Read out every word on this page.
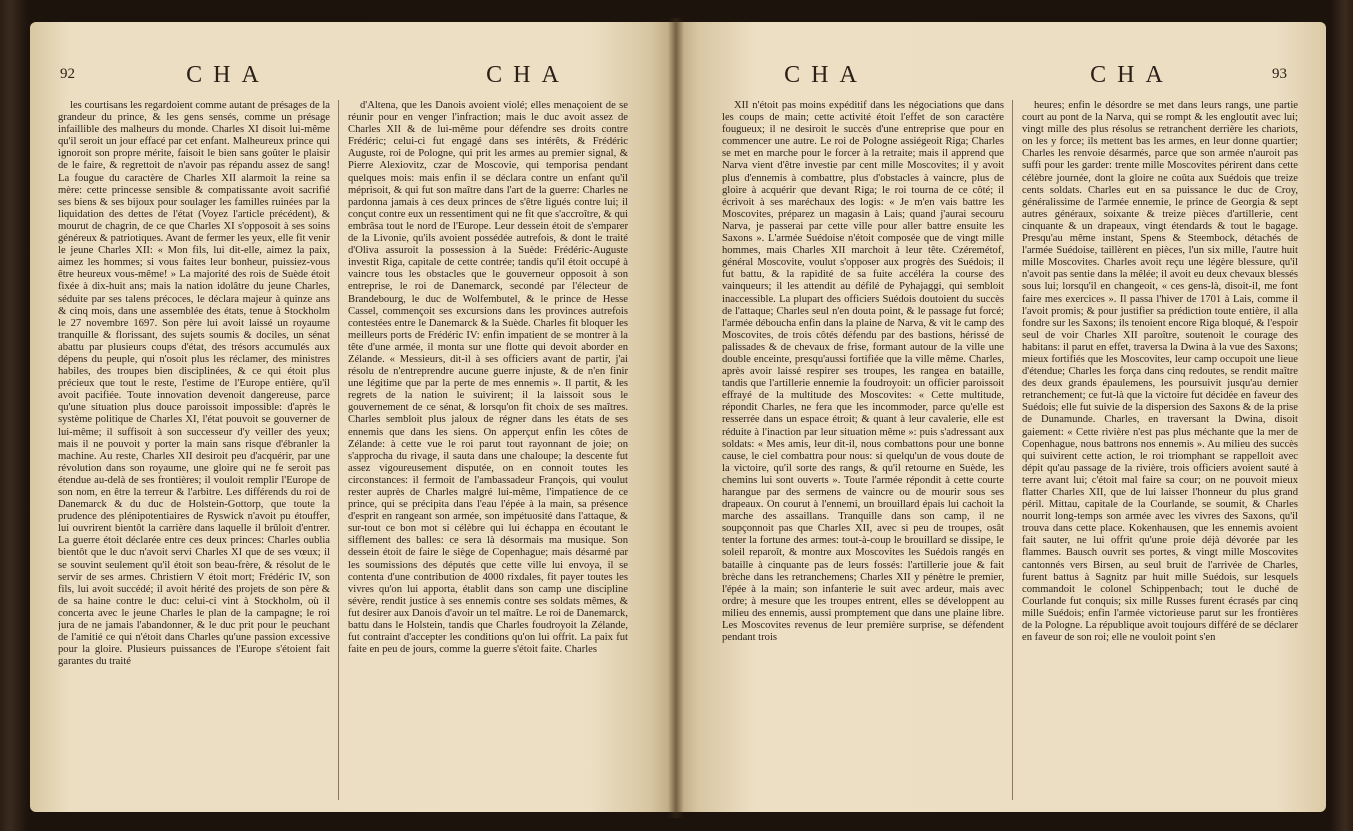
92	CHA	CHA

les courtisans les regardoient comme autant de présages de la grandeur du prince, & les gens sensés, comme un présage infaillible des malheurs du monde. Charles XI disoit lui-même qu'il seroit un jour effacé par cet enfant. Malheureux prince qui ignoroit son propre mérite, faisoit le bien sans goûter le plaisir de le faire, & regrettoit de n'avoir pas répandu assez de sang! La fougue du caractère de Charles XII alarmoit la reine sa mère: cette princesse sensible & compatissante avoit sacrifié ses biens & ses bijoux pour soulager les familles ruinées par la liquidation des dettes de l'état (Voyez l'article précédent), & mourut de chagrin, de ce que Charles XI s'opposoit à ses soins généreux & patriotiques. Avant de fermer les yeux, elle fit venir le jeune Charles XII: « Mon fils, lui dit-elle, aimez la paix, aimez les hommes; si vous faites leur bonheur, puissiez-vous être heureux vous-même! » La majorité des rois de Suède étoit fixée à dix-huit ans; mais la nation idolâtre du jeune Charles, séduite par ses talens précoces, le déclara majeur à quinze ans & cinq mois, dans une assemblée des états, tenue à Stockholm le 27 novembre 1697. Son père lui avoit laissé un royaume tranquille & florissant, des sujets soumis & dociles, un sénat abattu par plusieurs coups d'état, des trésors accumulés aux dépens du peuple, qui n'osoit plus les réclamer, des ministres habiles, des troupes bien disciplinées, & ce qui étoit plus précieux que tout le reste, l'estime de l'Europe entière, qu'il avoit pacifiée. Toute innovation devenoit dangereuse, parce qu'une situation plus douce paroissoit impossible: d'après le système politique de Charles XI, l'état pouvoit se gouverner de lui-même; il suffisoit à son successeur d'y veiller des yeux; mais il ne pouvoit y porter la main sans risque d'ébranler la machine. Au reste, Charles XII desiroit peu d'acquérir, par une révolution dans son royaume, une gloire qui ne fe seroit pas étendue au-delà de ses frontières; il vouloit remplir l'Europe de son nom, en être la terreur & l'arbitre. Les différends du roi de Danemarck & du duc de Holstein-Gottorp, que toute la prudence des plénipotentiaires de Ryswick n'avoit pu étouffer, lui ouvrirent bientôt la carrière dans laquelle il brûloit d'entrer. La guerre étoit déclarée entre ces deux princes: Charles oublia bientôt que le duc n'avoit servi Charles XI que de ses vœux; il se souvint seulement qu'il étoit son beau-frère, & résolut de le servir de ses armes. Christiern V étoit mort; Frédéric IV, son fils, lui avoit succédé; il avoit hérité des projets de son père & de sa haine contre le duc: celui-ci vint à Stockholm, où il concerta avec le jeune Charles le plan de la campagne; le roi jura de ne jamais l'abandonner, & le duc prit pour le peuchant de l'amitié ce qui n'étoit dans Charles qu'une passion excessive pour la gloire. Plusieurs puissances de l'Europe s'étoient fait garantes du traité

d'Altena, que les Danois avoient violé; elles menaçoient de se réunir pour en venger l'infraction; mais le duc avoit assez de Charles XII & de lui-même pour défendre ses droits contre Frédéric; celui-ci fut engagé dans ses intérêts, & Frédéric Auguste, roi de Pologne, qui prit les armes au premier signal, & Pierre Alexiovitz, czar de Moscovie, qui temporisa pendant quelques mois: mais enfin il se déclara contre un enfant qu'il méprisoit, & qui fut son maître dans l'art de la guerre: Charles ne pardonna jamais à ces deux princes de s'être ligués contre lui; il conçut contre eux un ressentiment qui ne fit que s'accroître, & qui embrâsa tout le nord de l'Europe. Leur dessein étoit de s'emparer de la Livonie, qu'ils avoient possédée autrefois, & dont le traité d'Oliva assuroit la possession à la Suède: Frédéric-Auguste investit Riga, capitale de cette contrée; tandis qu'il étoit occupé à vaincre tous les obstacles que le gouverneur opposoit à son entreprise, le roi de Danemarck, secondé par l'électeur de Brandebourg, le duc de Wolfembutel, & le prince de Hesse Cassel, commençoit ses excursions dans les provinces autrefois contestées entre le Danemarck & la Suède. Charles fit bloquer les meilleurs ports de Frédéric IV: enfin impatient de se montrer à la tête d'une armée, il monta sur une flotte qui devoit aborder en Zélande. « Messieurs, dit-il à ses officiers avant de partir, j'ai résolu de n'entreprendre aucune guerre injuste, & de n'en finir une légitime que par la perte de mes ennemis ». Il partit, & les regrets de la nation le suivirent; il la laissoit sous le gouvernement de ce sénat, & lorsqu'on fit choix de ses maîtres. Charles sembloit plus jaloux de régner dans les états de ses ennemis que dans les siens. On apperçut enfin les côtes de Zélande: à cette vue le roi parut tout rayonnant de joie; on s'approcha du rivage, il sauta dans une chaloupe; la descente fut assez vigoureusement disputée, on en connoit toutes les circonstances: il fermoit de l'ambassadeur François, qui voulut rester auprès de Charles malgré lui-même, l'impatience de ce prince, qui se précipita dans l'eau l'épée à la main, sa présence d'esprit en rangeant son armée, son impétuosité dans l'attaque, & sur-tout ce bon mot si célèbre qui lui échappa en écoutant le sifflement des balles: ce sera là désormais ma musique. Son dessein étoit de faire le siège de Copenhague; mais désarmé par les soumissions des députés que cette ville lui envoya, il se contenta d'une contribution de 4000 rixdales, fit payer toutes les vivres qu'on lui apporta, établit dans son camp une discipline sévère, rendit justice à ses ennemis contre ses soldats mêmes, & fut desirer aux Danois d'avoir un tel maître. Le roi de Danemarck, battu dans le Holstein, tandis que Charles foudroyoit la Zélande, fut contraint d'accepter les conditions qu'on lui offrit. La paix fut faite en peu de jours, comme la guerre s'étoit faite. Charles

CHA	CHA	93

XII n'étoit pas moins expéditif dans les négociations que dans les coups de main; cette activité étoit l'effet de son caractère fougueux; il ne desiroit le succès d'une entreprise que pour en commencer une autre. Le roi de Pologne assiégeoit Riga; Charles se met en marche pour le forcer à la retraite; mais il apprend que Narva vient d'être investie par cent mille Moscovites; il y avoit plus d'ennemis à combattre, plus d'obstacles à vaincre, plus de gloire à acquérir que devant Riga; le roi tourna de ce côté; il écrivoit à ses maréchaux des logis: « Je m'en vais battre les Moscovites, préparez un magasin à Lais; quand j'aurai secouru Narva, je passerai par cette ville pour aller battre ensuite les Saxons ». L'armée Suédoise n'étoit composée que de vingt mille hommes, mais Charles XII marchoit à leur tête. Czéremétof, général Moscovite, voulut s'opposer aux progrès des Suédois; il fut battu, & la rapidité de sa fuite accéléra la course des vainqueurs; il les attendit au défilé de Pyhajaggi, qui sembloit inaccessible. La plupart des officiers Suédois doutoient du succès de l'attaque; Charles seul n'en douta point, & le passage fut forcé; l'armée déboucha enfin dans la plaine de Narva, & vit le camp des Moscovites, de trois côtés défendu par des bastions, hérissé de palissades & de chevaux de frise, formant autour de la ville une double enceinte, presqu'aussi fortifiée que la ville même. Charles, après avoir laissé respirer ses troupes, les rangea en bataille, tandis que l'artillerie ennemie la foudroyoit: un officier paroissoit effrayé de la multitude des Moscovites: « Cette multitude, répondit Charles, ne fera que les incommoder, parce qu'elle est resserrée dans un espace étroit; & quant à leur cavalerie, elle est réduite à l'inaction par leur situation même »: puis s'adressant aux soldats: « Mes amis, leur dit-il, nous combattons pour une bonne cause, le ciel combattra pour nous: si quelqu'un de vous doute de la victoire, qu'il sorte des rangs, & qu'il retourne en Suède, les chemins lui sont ouverts ». Toute l'armée répondit à cette courte harangue par des sermens de vaincre ou de mourir sous ses drapeaux. On courut à l'ennemi, un brouillard épais lui cachoit la marche des assaillans. Tranquille dans son camp, il ne soupçonnoit pas que Charles XII, avec si peu de troupes, osât tenter la fortune des armes: tout-à-coup le brouillard se dissipe, le soleil reparoît, & montre aux Moscovites les Suédois rangés en bataille à cinquante pas de leurs fossés: l'artillerie joue & fait brèche dans les retranchemens; Charles XII y pénètre le premier, l'épée à la main; son infanterie le suit avec ardeur, mais avec ordre; à mesure que les troupes entrent, elles se développent au milieu des ennemis, aussi promptement que dans une plaine libre. Les Moscovites revenus de leur première surprise, se défendent pendant trois

heures; enfin le désordre se met dans leurs rangs, une partie court au pont de la Narva, qui se rompt & les engloutit avec lui; vingt mille des plus résolus se retranchent derrière les chariots, on les y force; ils mettent bas les armes, en leur donne quartier; Charles les renvoie désarmés, parce que son armée n'auroit pas suffi pour les garder: trente mille Moscovites périrent dans cette célèbre journée, dont la gloire ne coûta aux Suédois que treize cents soldats. Charles eut en sa puissance le duc de Croy, généralissime de l'armée ennemie, le prince de Georgia & sept autres généraux, soixante & treize pièces d'artillerie, cent cinquante & un drapeaux, vingt étendards & tout le bagage. Presqu'au même instant, Spens & Steembock, détachés de l'armée Suédoise, taillèrent en pièces, l'un six mille, l'autre huit mille Moscovites. Charles avoit reçu une légère blessure, qu'il n'avoit pas sentie dans la mêlée; il avoit eu deux chevaux blessés sous lui; lorsqu'il en changeoit, « ces gens-là, disoit-il, me font faire mes exercices ». Il passa l'hiver de 1701 à Lais, comme il l'avoit promis; & pour justifier sa prédiction toute entière, il alla fondre sur les Saxons; ils tenoient encore Riga bloqué, & l'espoir seul de voir Charles XII paroître, soutenoit le courage des habitans: il parut en effet, traversa la Dwina à la vue des Saxons; mieux fortifiés que les Moscovites, leur camp occupoit une lieue d'étendue; Charles les força dans cinq redoutes, se rendit maître des deux grands épaulemens, les poursuivit jusqu'au dernier retranchement; ce fut-là que la victoire fut décidée en faveur des Suédois; elle fut suivie de la dispersion des Saxons & de la prise de Dunamunde. Charles, en traversant la Dwina, disoit gaiement: « Cette rivière n'est pas plus méchante que la mer de Copenhague, nous battrons nos ennemis ». Au milieu des succès qui suivirent cette action, le roi triomphant se rappelloit avec dépit qu'au passage de la rivière, trois officiers avoient sauté à terre avant lui; c'étoit mal faire sa cour; on ne pouvoit mieux flatter Charles XII, que de lui laisser l'honneur du plus grand péril. Mittau, capitale de la Courlande, se soumit, & Charles nourrit long-temps son armée avec les vivres des Saxons, qu'il trouva dans cette place. Kokenhausen, que les ennemis avoient fait sauter, ne lui offrit qu'une proie déjà dévorée par les flammes. Bausch ouvrit ses portes, & vingt mille Moscovites cantonnés vers Birsen, au seul bruit de l'arrivée de Charles, furent battus à Sagnitz par huit mille Suédois, sur lesquels commandoit le colonel Schippenbach; tout le duché de Courlande fut conquis; six mille Russes furent écrasés par cinq mille Suédois; enfin l'armée victorieuse parut sur les frontières de la Pologne. La république avoit toujours différé de se déclarer en faveur de son roi; elle ne vouloit point s'en
